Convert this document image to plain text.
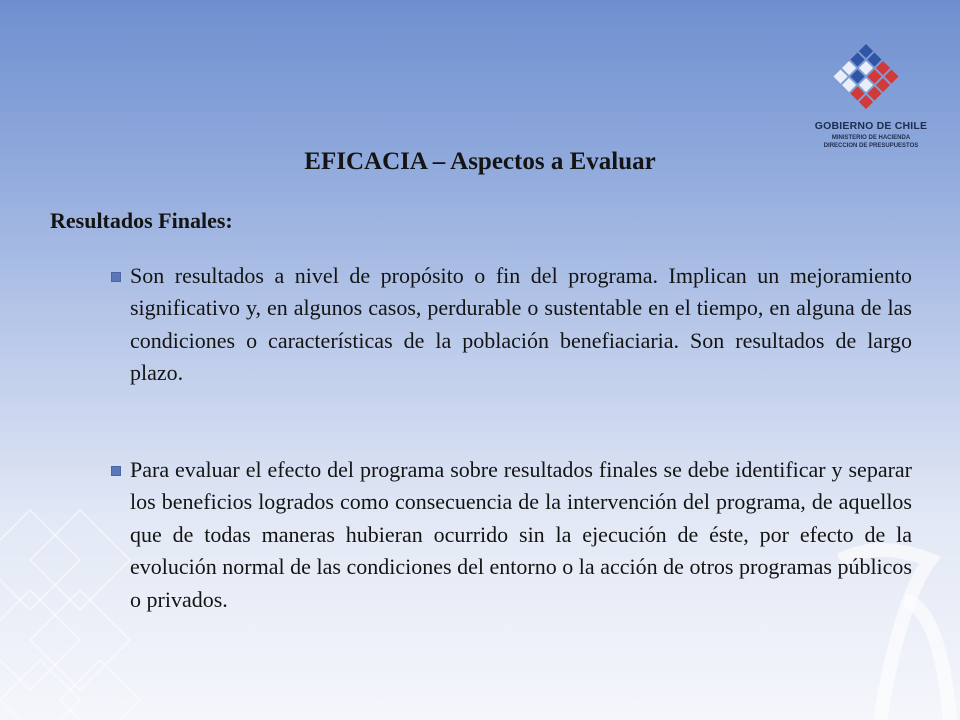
GOBIERNO DE CHILE
MINISTERIO DE HACIENDA
DIRECCION DE PRESUPUESTOS
EFICACIA – Aspectos a Evaluar
Resultados Finales:
Son resultados a nivel de propósito o fin del programa. Implican un mejoramiento significativo y, en algunos casos, perdurable o sustentable en el tiempo, en alguna de las condiciones o características de la población benefiaciaria. Son resultados de largo plazo.
Para evaluar el efecto del programa sobre resultados finales se debe identificar y separar los beneficios logrados como consecuencia de la intervención del programa, de aquellos que de todas maneras hubieran ocurrido sin la ejecución de éste, por efecto de la evolución normal de las condiciones del entorno o la acción de otros programas públicos o privados.
